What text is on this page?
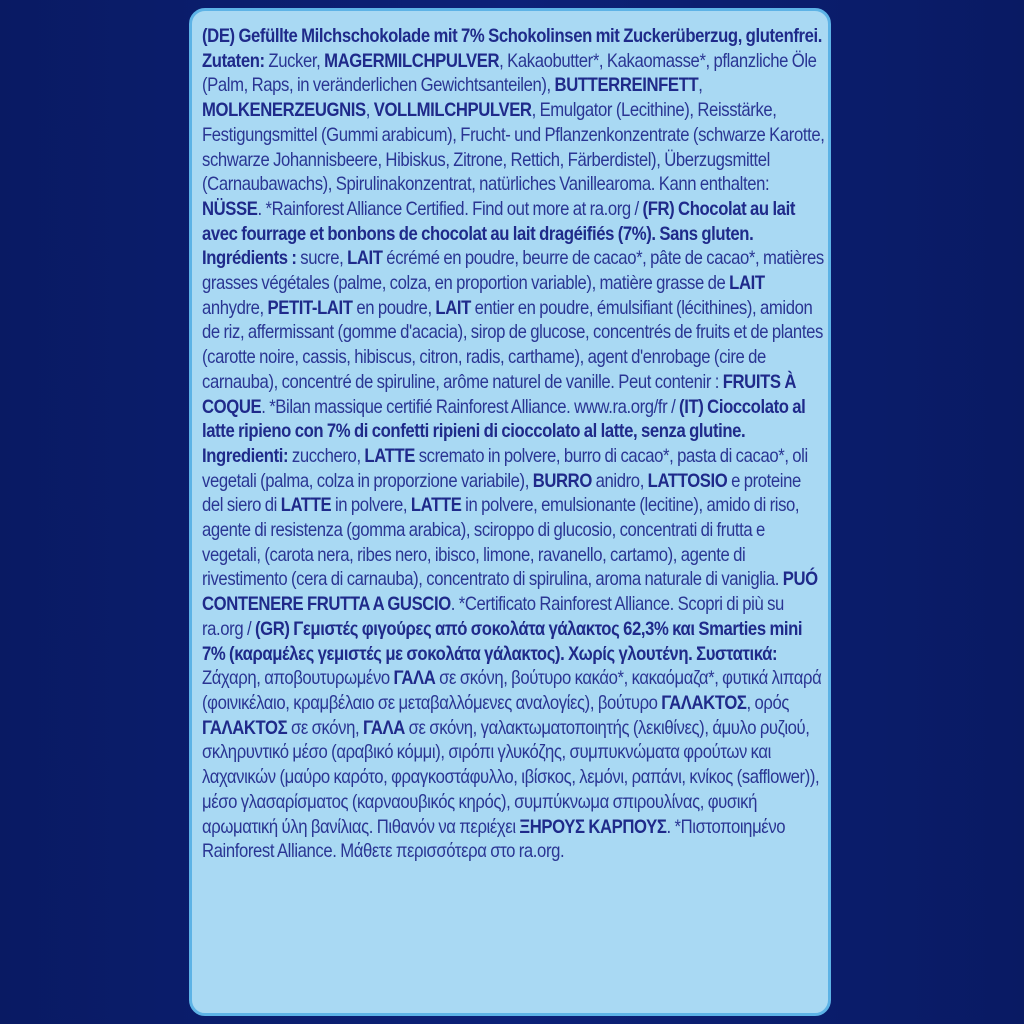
(DE) Gefüllte Milchschokolade mit 7% Schokolinsen mit Zuckerüberzug, glutenfrei. Zutaten: Zucker, MAGERMILCHPULVER, Kakaobutter*, Kakaomasse*, pflanzliche Öle (Palm, Raps, in veränderlichen Gewichtsanteilen), BUTTERREINFETT, MOLKENERZEUGNIS, VOLLMILCHPULVER, Emulgator (Lecithine), Reisstärke, Festigungsmittel (Gummi arabicum), Frucht- und Pflanzenkonzentrate (schwarze Karotte, schwarze Johannisbeere, Hibiskus, Zitrone, Rettich, Färberdistel), Überzugsmittel (Carnaubawachs), Spirulinakonzentrat, natürliches Vanillearoma. Kann enthalten: NÜSSE. *Rainforest Alliance Certified. Find out more at ra.org / (FR) Chocolat au lait avec fourrage et bonbons de chocolat au lait dragéifiés (7%). Sans gluten. Ingrédients : sucre, LAIT écrémé en poudre, beurre de cacao*, pâte de cacao*, matières grasses végétales (palme, colza, en proportion variable), matière grasse de LAIT anhydre, PETIT-LAIT en poudre, LAIT entier en poudre, émulsifiant (lécithines), amidon de riz, affermissant (gomme d'acacia), sirop de glucose, concentrés de fruits et de plantes (carotte noire, cassis, hibiscus, citron, radis, carthame), agent d'enrobage (cire de carnauba), concentré de spiruline, arôme naturel de vanille. Peut contenir : FRUITS À COQUE. *Bilan massique certifié Rainforest Alliance. www.ra.org/fr / (IT) Cioccolato al latte ripieno con 7% di confetti ripieni di cioccolato al latte, senza glutine. Ingredienti: zucchero, LATTE scremato in polvere, burro di cacao*, pasta di cacao*, oli vegetali (palma, colza in proporzione variabile), BURRO anidro, LATTOSIO e proteine del siero di LATTE in polvere, LATTE in polvere, emulsionante (lecitine), amido di riso, agente di resistenza (gomma arabica), sciroppo di glucosio, concentrati di frutta e vegetali, (carota nera, ribes nero, ibisco, limone, ravanello, cartamo), agente di rivestimento (cera di carnauba), concentrato di spirulina, aroma naturale di vaniglia. PUÓ CONTENERE FRUTTA A GUSCIO. *Certificato Rainforest Alliance. Scopri di più su ra.org / (GR) Γεμιστές φιγούρες από σοκολάτα γάλακτος 62,3% και Smarties mini 7% (καραμέλες γεμιστές με σοκολάτα γάλακτος). Χωρίς γλουτένη. Συστατικά: Ζάχαρη, αποβουτυρωμένο ΓΑΛΑ σε σκόνη, βούτυρο κακάο*, κακαόμαζα*, φυτικά λιπαρά (φοινικέλαιο, κραμβέλαιο σε μεταβαλλόμενες αναλογίες), βούτυρο ΓΑΛΑΚΤΟΣ, ορός ΓΑΛΑΚΤΟΣ σε σκόνη, ΓΑΛΑ σε σκόνη, γαλακτωματοποιητής (λεκιθίνες), άμυλο ρυζιού, σκληρυντικό μέσο (αραβικό κόμμι), σιρόπι γλυκόζης, συμπυκνώματα φρούτων και λαχανικών (μαύρο καρότο, φραγκοστάφυλλο, ιβίσκος, λεμόνι, ραπάνι, κνίκος (safflower)), μέσο γλασαρίσματος (καρναουβικός κηρός), συμπύκνωμα σπιρουλίνας, φυσική αρωματική ύλη βανίλιας. Πιθανόν να περιέχει ΞΗΡΟΥΣ ΚΑΡΠΟΥΣ. *Πιστοποιημένο Rainforest Alliance. Μάθετε περισσότερα στο ra.org.
